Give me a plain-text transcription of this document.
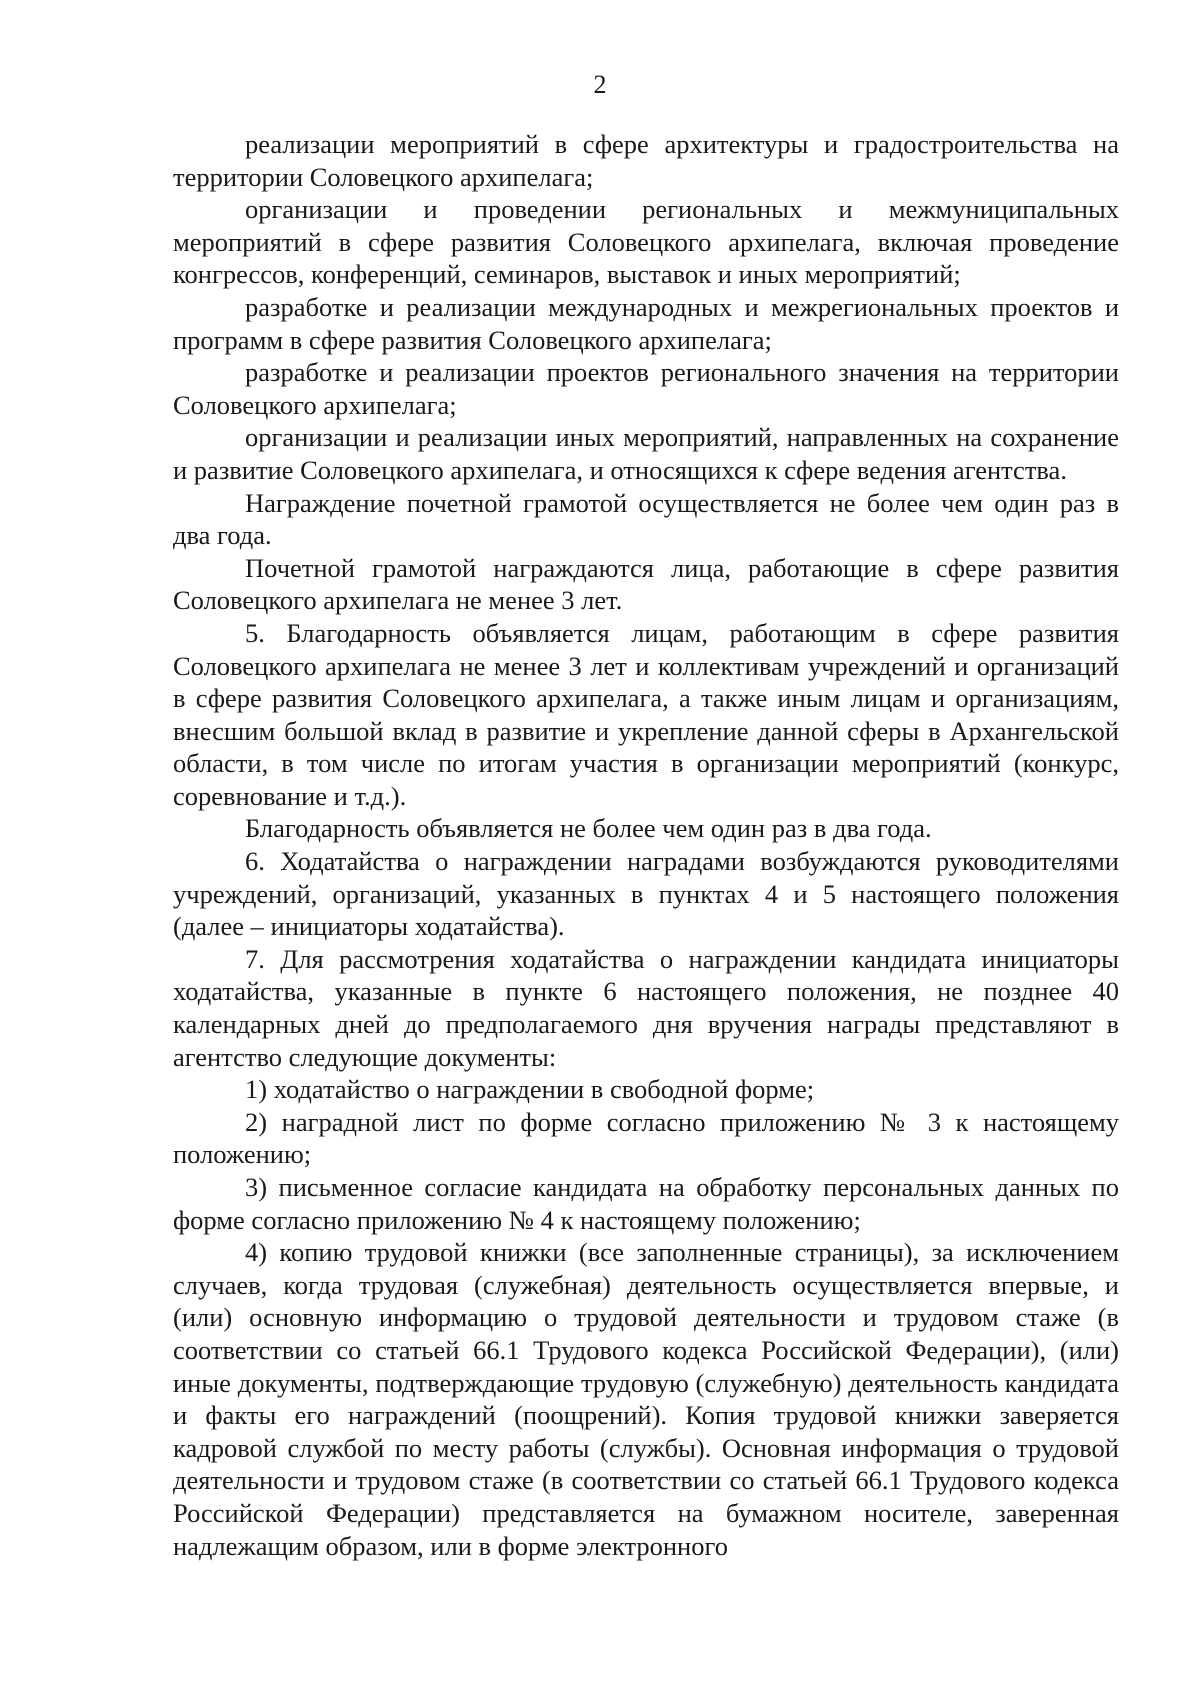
2

реализации мероприятий в сфере архитектуры и градостроительства на территории Соловецкого архипелага;

организации и проведении региональных и межмуниципальных мероприятий в сфере развития Соловецкого архипелага, включая проведение конгрессов, конференций, семинаров, выставок и иных мероприятий;

разработке и реализации международных и межрегиональных проектов и программ в сфере развития Соловецкого архипелага;

разработке и реализации проектов регионального значения на территории Соловецкого архипелага;

организации и реализации иных мероприятий, направленных на сохранение и развитие Соловецкого архипелага, и относящихся к сфере ведения агентства.

Награждение почетной грамотой осуществляется не более чем один раз в два года.

Почетной грамотой награждаются лица, работающие в сфере развития Соловецкого архипелага не менее 3 лет.

5. Благодарность объявляется лицам, работающим в сфере развития Соловецкого архипелага не менее 3 лет и коллективам учреждений и организаций в сфере развития Соловецкого архипелага, а также иным лицам и организациям, внесшим большой вклад в развитие и укрепление данной сферы в Архангельской области, в том числе по итогам участия в организации мероприятий (конкурс, соревнование и т.д.).

Благодарность объявляется не более чем один раз в два года.

6. Ходатайства о награждении наградами возбуждаются руководителями учреждений, организаций, указанных в пунктах 4 и 5 настоящего положения (далее – инициаторы ходатайства).

7. Для рассмотрения ходатайства о награждении кандидата инициаторы ходатайства, указанные в пункте 6 настоящего положения, не позднее 40 календарных дней до предполагаемого дня вручения награды представляют в агентство следующие документы:

1) ходатайство о награждении в свободной форме;

2) наградной лист по форме согласно приложению № 3 к настоящему положению;

3) письменное согласие кандидата на обработку персональных данных по форме согласно приложению № 4 к настоящему положению;

4) копию трудовой книжки (все заполненные страницы), за исключением случаев, когда трудовая (служебная) деятельность осуществляется впервые, и (или) основную информацию о трудовой деятельности и трудовом стаже (в соответствии со статьей 66.1 Трудового кодекса Российской Федерации), (или) иные документы, подтверждающие трудовую (служебную) деятельность кандидата и факты его награждений (поощрений). Копия трудовой книжки заверяется кадровой службой по месту работы (службы). Основная информация о трудовой деятельности и трудовом стаже (в соответствии со статьей 66.1 Трудового кодекса Российской Федерации) представляется на бумажном носителе, заверенная надлежащим образом, или в форме электронного
